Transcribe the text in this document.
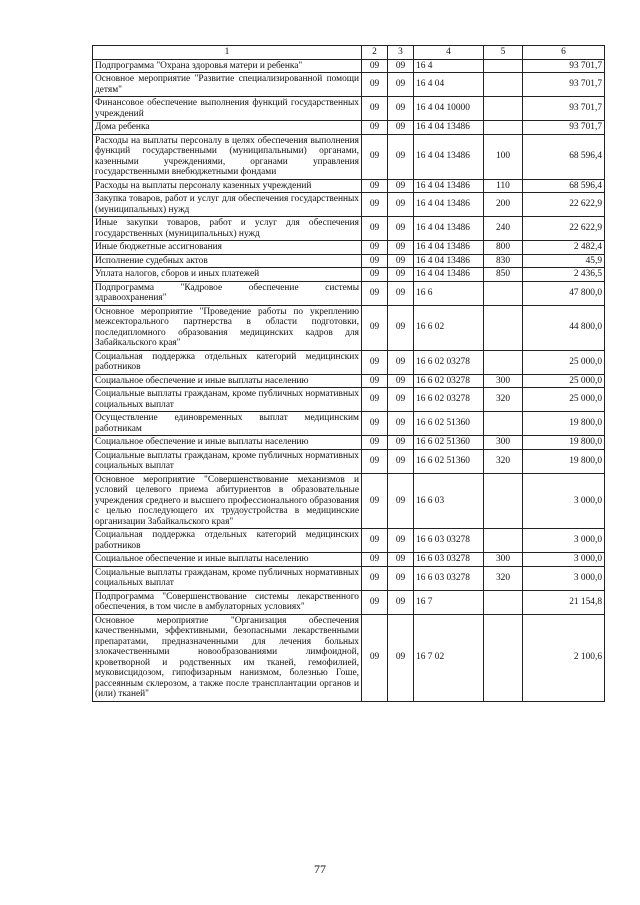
1	2	3	4	5	6
Подпрограмма "Охрана здоровья матери и ребенка"	09	09	16 4		93 701,7
Основное мероприятие "Развитие специализированной помощи детям"	09	09	16 4 04		93 701,7
Финансовое обеспечение выполнения функций государственных учреждений	09	09	16 4 04 10000		93 701,7
Дома ребенка	09	09	16 4 04 13486		93 701,7
Расходы на выплаты персоналу в целях обеспечения выполнения функций государственными (муниципальными) органами, казенными учреждениями, органами управления государственными внебюджетными фондами	09	09	16 4 04 13486	100	68 596,4
Расходы на выплаты персоналу казенных учреждений	09	09	16 4 04 13486	110	68 596,4
Закупка товаров, работ и услуг для обеспечения государственных (муниципальных) нужд	09	09	16 4 04 13486	200	22 622,9
Иные закупки товаров, работ и услуг для обеспечения государственных (муниципальных) нужд	09	09	16 4 04 13486	240	22 622,9
Иные бюджетные ассигнования	09	09	16 4 04 13486	800	2 482,4
Исполнение судебных актов	09	09	16 4 04 13486	830	45,9
Уплата налогов, сборов и иных платежей	09	09	16 4 04 13486	850	2 436,5
Подпрограмма "Кадровое обеспечение системы здравоохранения"	09	09	16 6		47 800,0
Основное мероприятие "Проведение работы по укреплению межсекторального партнерства в области подготовки, последипломного образования медицинских кадров для Забайкальского края"	09	09	16 6 02		44 800,0
Социальная поддержка отдельных категорий медицинских работников	09	09	16 6 02 03278		25 000,0
Социальное обеспечение и иные выплаты населению	09	09	16 6 02 03278	300	25 000,0
Социальные выплаты гражданам, кроме публичных нормативных социальных выплат	09	09	16 6 02 03278	320	25 000,0
Осуществление единовременных выплат медицинским работникам	09	09	16 6 02 51360		19 800,0
Социальное обеспечение и иные выплаты населению	09	09	16 6 02 51360	300	19 800,0
Социальные выплаты гражданам, кроме публичных нормативных социальных выплат	09	09	16 6 02 51360	320	19 800,0
Основное мероприятие "Совершенствование механизмов и условий целевого приема абитуриентов в образовательные учреждения среднего и высшего профессионального образования с целью последующего их трудоустройства в медицинские организации Забайкальского края"	09	09	16 6 03		3 000,0
Социальная поддержка отдельных категорий медицинских работников	09	09	16 6 03 03278		3 000,0
Социальное обеспечение и иные выплаты населению	09	09	16 6 03 03278	300	3 000,0
Социальные выплаты гражданам, кроме публичных нормативных социальных выплат	09	09	16 6 03 03278	320	3 000,0
Подпрограмма "Совершенствование системы лекарственного обеспечения, в том числе в амбулаторных условиях"	09	09	16 7		21 154,8
Основное мероприятие "Организация обеспечения качественными, эффективными, безопасными лекарственными препаратами, предназначенными для лечения больных злокачественными новообразованиями лимфоидной, кроветворной и родственных им тканей, гемофилией, муковисцидозом, гипофизарным нанизмом, болезнью Гоше, рассеянным склерозом, а также после трансплантации органов и (или) тканей"	09	09	16 7 02		2 100,6
77
